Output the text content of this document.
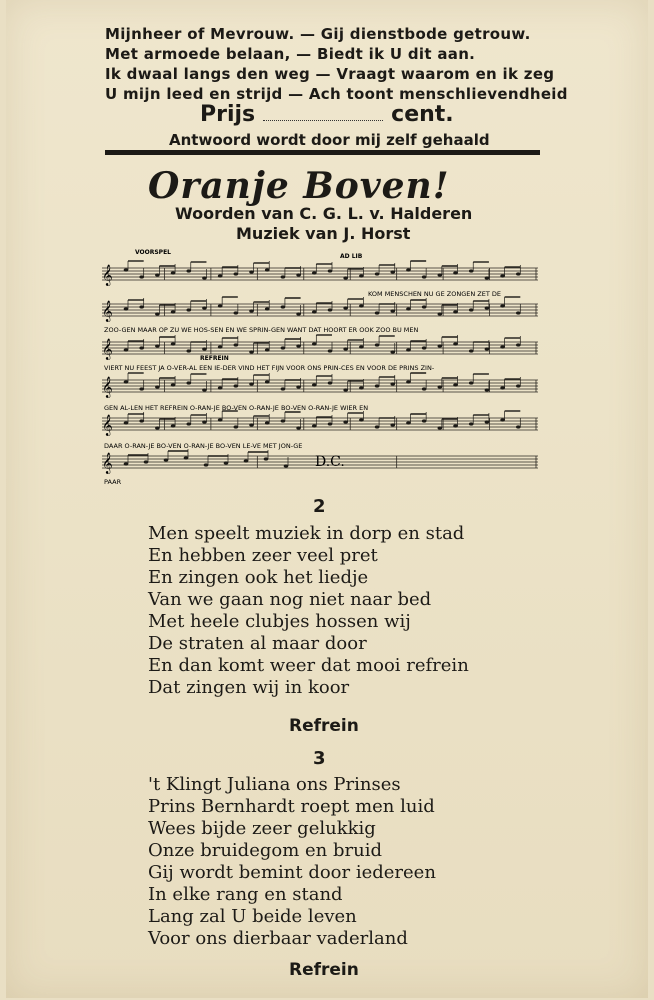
Mijnheer of Mevrouw. — Gij dienstbode getrouw.
Met armoede belaan, — Biedt ik U dit aan.
Ik dwaal langs den weg — Vraagt waarom en ik zeg
U mijn leed en strijd — Ach toont menschlievendheid
Prijs	cent.
Antwoord wordt door mij zelf gehaald
Oranje Boven!
Woorden van C. G. L. v. Halderen
Muziek van J. Horst
𝄞
𝄞
𝄞
𝄞
𝄞
𝄞
VOORSPEL
AD LIB
REFREIN
D.C.
KOM MENSCHEN NU GE ZONGEN ZET DE
ZOO-GEN MAAR OP ZU WE HOS-SEN EN WE SPRIN-GEN WANT DAT HOORT ER OOK ZOO BU MEN
VIERT NU FEEST JA O-VER-AL EEN IE-DER VIND HET FIJN VOOR ONS PRIN-CES EN VOOR DE PRINS ZIN-
GEN AL-LEN HET REFREIN O-RAN-JE BO-VEN O-RAN-JE BO-VEN O-RAN-JE WIER EN
DAAR O-RAN-JE BO-VEN O-RAN-JE BO-VEN LE-VE MET JON-GE
PAAR
2
Men speelt muziek in dorp en stad
En hebben zeer veel pret
En zingen ook het liedje
Van we gaan nog niet naar bed
Met heele clubjes hossen wij
De straten al maar door
En dan komt weer dat mooi refrein
Dat zingen wij in koor
Refrein
3
't Klingt Juliana ons Prinses
Prins Bernhardt roept men luid
Wees bijde zeer gelukkig
Onze bruidegom en bruid
Gij wordt bemint door iedereen
In elke rang en stand
Lang zal U beide leven
Voor ons dierbaar vaderland
Refrein
